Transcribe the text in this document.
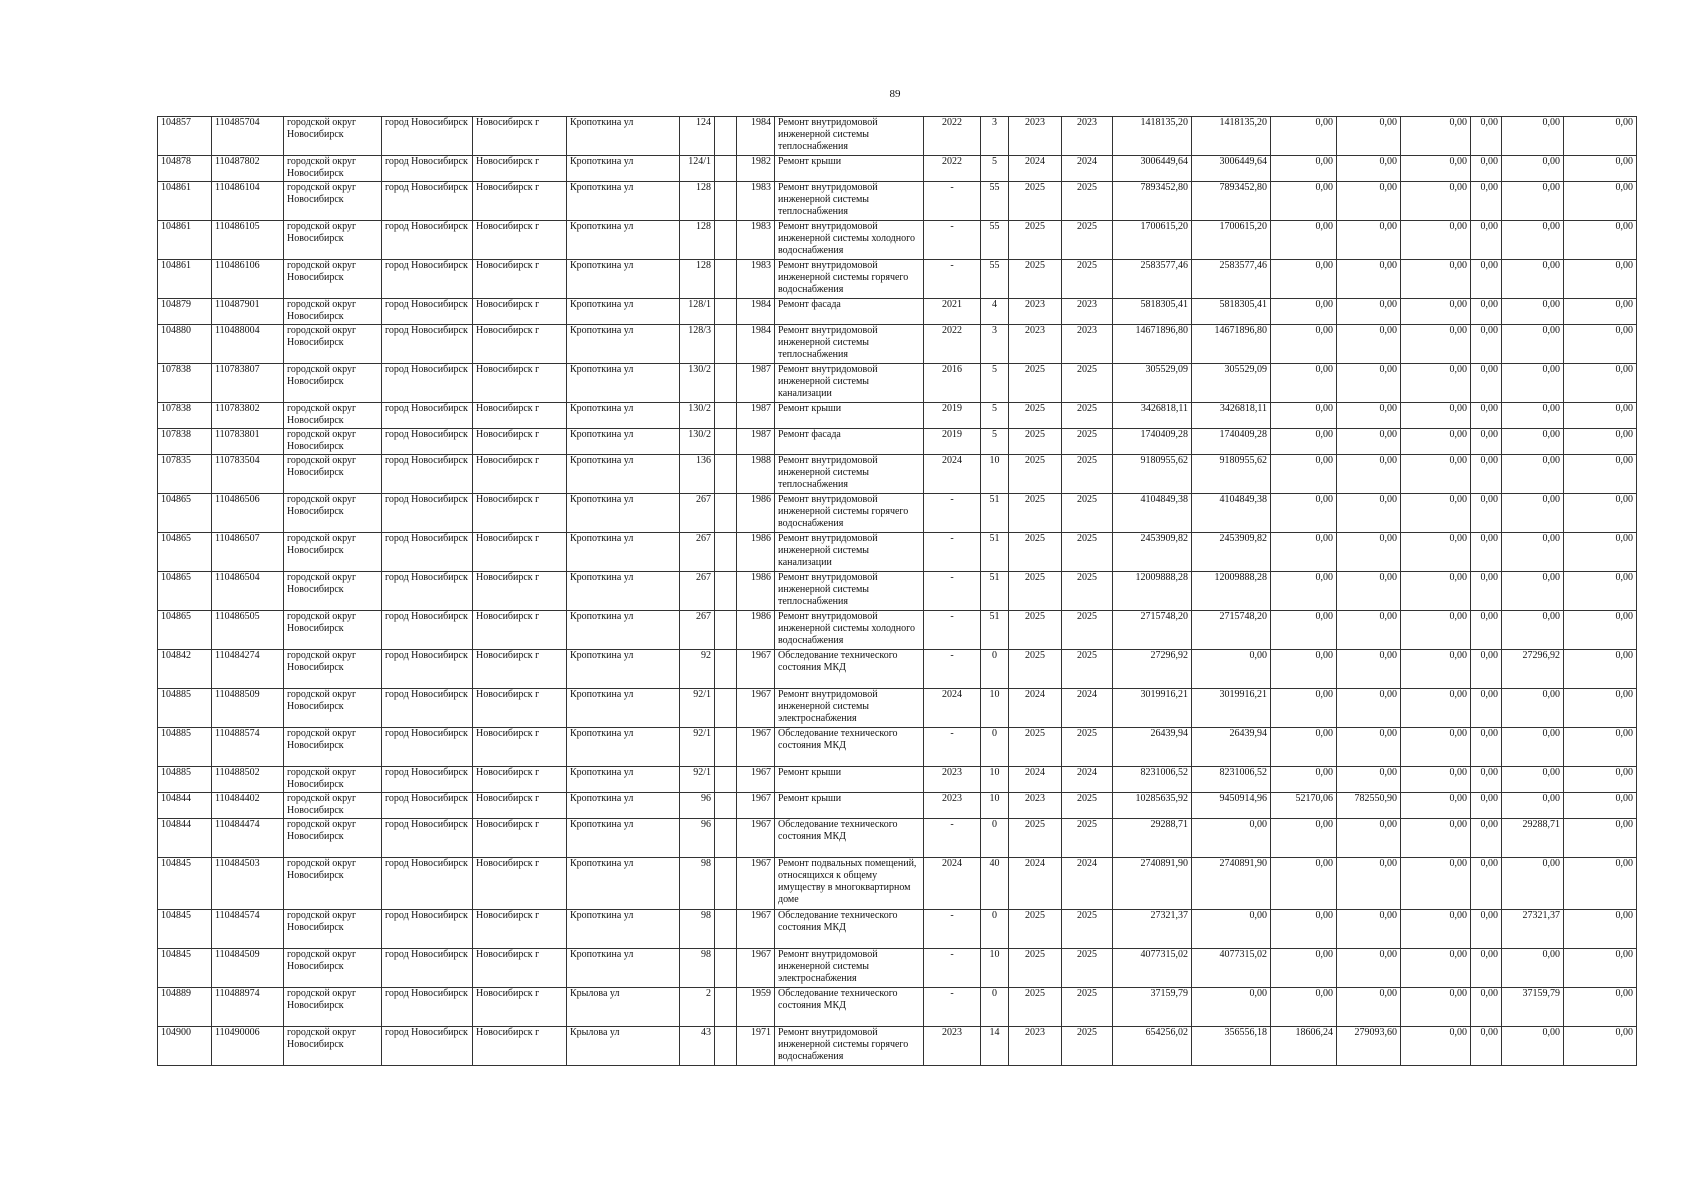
89
104857	110485704	городской округ Новосибирск	город Новосибирск	Новосибирск г	Кропоткина ул	124		1984	Ремонт внутридомовой инженерной системы теплоснабжения	2022	3	2023	2023	1418135,20	1418135,20	0,00	0,00	0,00	0,00	0,00	0,00
104878	110487802	городской округ Новосибирск	город Новосибирск	Новосибирск г	Кропоткина ул	124/1		1982	Ремонт крыши	2022	5	2024	2024	3006449,64	3006449,64	0,00	0,00	0,00	0,00	0,00	0,00
104861	110486104	городской округ Новосибирск	город Новосибирск	Новосибирск г	Кропоткина ул	128		1983	Ремонт внутридомовой инженерной системы теплоснабжения	-	55	2025	2025	7893452,80	7893452,80	0,00	0,00	0,00	0,00	0,00	0,00
104861	110486105	городской округ Новосибирск	город Новосибирск	Новосибирск г	Кропоткина ул	128		1983	Ремонт внутридомовой инженерной системы холодного водоснабжения	-	55	2025	2025	1700615,20	1700615,20	0,00	0,00	0,00	0,00	0,00	0,00
104861	110486106	городской округ Новосибирск	город Новосибирск	Новосибирск г	Кропоткина ул	128		1983	Ремонт внутридомовой инженерной системы горячего водоснабжения	-	55	2025	2025	2583577,46	2583577,46	0,00	0,00	0,00	0,00	0,00	0,00
104879	110487901	городской округ Новосибирск	город Новосибирск	Новосибирск г	Кропоткина ул	128/1		1984	Ремонт фасада	2021	4	2023	2023	5818305,41	5818305,41	0,00	0,00	0,00	0,00	0,00	0,00
104880	110488004	городской округ Новосибирск	город Новосибирск	Новосибирск г	Кропоткина ул	128/3		1984	Ремонт внутридомовой инженерной системы теплоснабжения	2022	3	2023	2023	14671896,80	14671896,80	0,00	0,00	0,00	0,00	0,00	0,00
107838	110783807	городской округ Новосибирск	город Новосибирск	Новосибирск г	Кропоткина ул	130/2		1987	Ремонт внутридомовой инженерной системы канализации	2016	5	2025	2025	305529,09	305529,09	0,00	0,00	0,00	0,00	0,00	0,00
107838	110783802	городской округ Новосибирск	город Новосибирск	Новосибирск г	Кропоткина ул	130/2		1987	Ремонт крыши	2019	5	2025	2025	3426818,11	3426818,11	0,00	0,00	0,00	0,00	0,00	0,00
107838	110783801	городской округ Новосибирск	город Новосибирск	Новосибирск г	Кропоткина ул	130/2		1987	Ремонт фасада	2019	5	2025	2025	1740409,28	1740409,28	0,00	0,00	0,00	0,00	0,00	0,00
107835	110783504	городской округ Новосибирск	город Новосибирск	Новосибирск г	Кропоткина ул	136		1988	Ремонт внутридомовой инженерной системы теплоснабжения	2024	10	2025	2025	9180955,62	9180955,62	0,00	0,00	0,00	0,00	0,00	0,00
104865	110486506	городской округ Новосибирск	город Новосибирск	Новосибирск г	Кропоткина ул	267		1986	Ремонт внутридомовой инженерной системы горячего водоснабжения	-	51	2025	2025	4104849,38	4104849,38	0,00	0,00	0,00	0,00	0,00	0,00
104865	110486507	городской округ Новосибирск	город Новосибирск	Новосибирск г	Кропоткина ул	267		1986	Ремонт внутридомовой инженерной системы канализации	-	51	2025	2025	2453909,82	2453909,82	0,00	0,00	0,00	0,00	0,00	0,00
104865	110486504	городской округ Новосибирск	город Новосибирск	Новосибирск г	Кропоткина ул	267		1986	Ремонт внутридомовой инженерной системы теплоснабжения	-	51	2025	2025	12009888,28	12009888,28	0,00	0,00	0,00	0,00	0,00	0,00
104865	110486505	городской округ Новосибирск	город Новосибирск	Новосибирск г	Кропоткина ул	267		1986	Ремонт внутридомовой инженерной системы холодного водоснабжения	-	51	2025	2025	2715748,20	2715748,20	0,00	0,00	0,00	0,00	0,00	0,00
104842	110484274	городской округ Новосибирск	город Новосибирск	Новосибирск г	Кропоткина ул	92		1967	Обследование технического состояния МКД	-	0	2025	2025	27296,92	0,00	0,00	0,00	0,00	0,00	27296,92	0,00
104885	110488509	городской округ Новосибирск	город Новосибирск	Новосибирск г	Кропоткина ул	92/1		1967	Ремонт внутридомовой инженерной системы электроснабжения	2024	10	2024	2024	3019916,21	3019916,21	0,00	0,00	0,00	0,00	0,00	0,00
104885	110488574	городской округ Новосибирск	город Новосибирск	Новосибирск г	Кропоткина ул	92/1		1967	Обследование технического состояния МКД	-	0	2025	2025	26439,94	26439,94	0,00	0,00	0,00	0,00	0,00	0,00
104885	110488502	городской округ Новосибирск	город Новосибирск	Новосибирск г	Кропоткина ул	92/1		1967	Ремонт крыши	2023	10	2024	2024	8231006,52	8231006,52	0,00	0,00	0,00	0,00	0,00	0,00
104844	110484402	городской округ Новосибирск	город Новосибирск	Новосибирск г	Кропоткина ул	96		1967	Ремонт крыши	2023	10	2023	2025	10285635,92	9450914,96	52170,06	782550,90	0,00	0,00	0,00	0,00
104844	110484474	городской округ Новосибирск	город Новосибирск	Новосибирск г	Кропоткина ул	96		1967	Обследование технического состояния МКД	-	0	2025	2025	29288,71	0,00	0,00	0,00	0,00	0,00	29288,71	0,00
104845	110484503	городской округ Новосибирск	город Новосибирск	Новосибирск г	Кропоткина ул	98		1967	Ремонт подвальных помещений, относящихся к общему имуществу в многоквартирном доме	2024	40	2024	2024	2740891,90	2740891,90	0,00	0,00	0,00	0,00	0,00	0,00
104845	110484574	городской округ Новосибирск	город Новосибирск	Новосибирск г	Кропоткина ул	98		1967	Обследование технического состояния МКД	-	0	2025	2025	27321,37	0,00	0,00	0,00	0,00	0,00	27321,37	0,00
104845	110484509	городской округ Новосибирск	город Новосибирск	Новосибирск г	Кропоткина ул	98		1967	Ремонт внутридомовой инженерной системы электроснабжения	-	10	2025	2025	4077315,02	4077315,02	0,00	0,00	0,00	0,00	0,00	0,00
104889	110488974	городской округ Новосибирск	город Новосибирск	Новосибирск г	Крылова ул	2		1959	Обследование технического состояния МКД	-	0	2025	2025	37159,79	0,00	0,00	0,00	0,00	0,00	37159,79	0,00
104900	110490006	городской округ Новосибирск	город Новосибирск	Новосибирск г	Крылова ул	43		1971	Ремонт внутридомовой инженерной системы горячего водоснабжения	2023	14	2023	2025	654256,02	356556,18	18606,24	279093,60	0,00	0,00	0,00	0,00
